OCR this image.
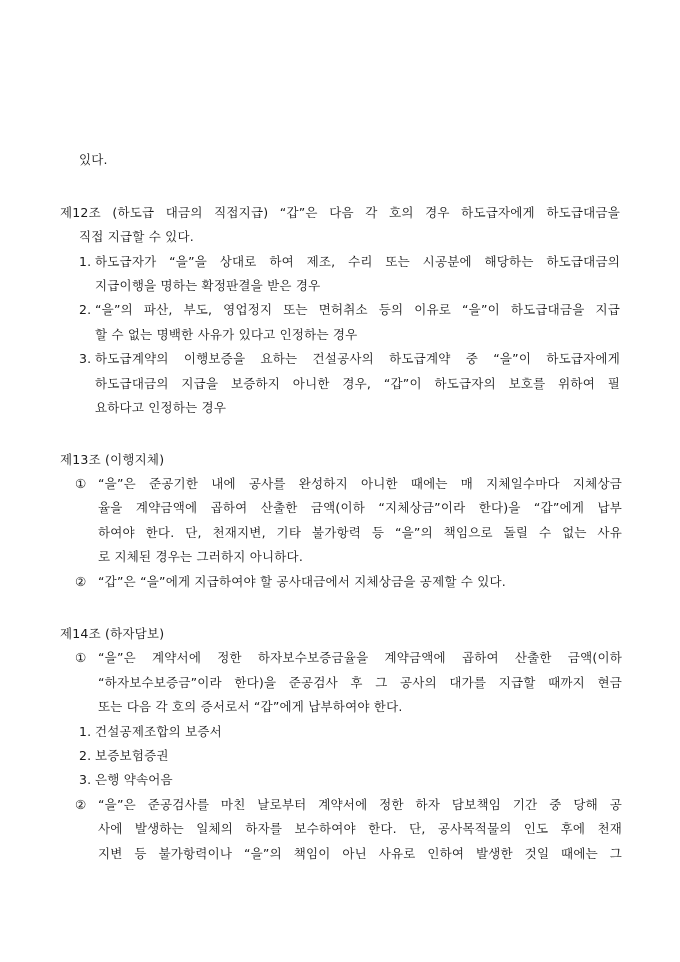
있다.
제12조 (하도급 대금의 직접지급) “갑”은 다음 각 호의 경우 하도급자에게 하도급대금을
직접 지급할 수 있다.
1. 하도급자가 “을”을 상대로 하여 제조, 수리 또는 시공분에 해당하는 하도급대금의
지급이행을 명하는 확정판결을 받은 경우
2. “을”의 파산, 부도, 영업정지 또는 면허취소 등의 이유로 “을”이 하도급대금을 지급
할 수 없는 명백한 사유가 있다고 인정하는 경우
3. 하도급계약의 이행보증을 요하는 건설공사의 하도급계약 중 “을”이 하도급자에게
하도급대금의 지급을 보증하지 아니한 경우, “갑”이 하도급자의 보호를 위하여 필
요하다고 인정하는 경우
제13조 (이행지체)
① “을”은 준공기한 내에 공사를 완성하지 아니한 때에는 매 지체일수마다 지체상금
율을 계약금액에 곱하여 산출한 금액(이하 “지체상금”이라 한다)을 “갑”에게 납부
하여야 한다. 단, 천재지변, 기타 불가항력 등 “을”의 책임으로 돌릴 수 없는 사유
로 지체된 경우는 그러하지 아니하다.
② “갑”은 “을”에게 지급하여야 할 공사대금에서 지체상금을 공제할 수 있다.
제14조 (하자담보)
① “을”은 계약서에 정한 하자보수보증금율을 계약금액에 곱하여 산출한 금액(이하
“하자보수보증금”이라 한다)을 준공검사 후 그 공사의 대가를 지급할 때까지 현금
또는 다음 각 호의 증서로서 “갑”에게 납부하여야 한다.
1. 건설공제조합의 보증서
2. 보증보험증권
3. 은행 약속어음
② “을”은 준공검사를 마친 날로부터 계약서에 정한 하자 담보책임 기간 중 당해 공
사에 발생하는 일체의 하자를 보수하여야 한다. 단, 공사목적물의 인도 후에 천재
지변 등 불가항력이나 “을”의 책임이 아닌 사유로 인하여 발생한 것일 때에는 그
